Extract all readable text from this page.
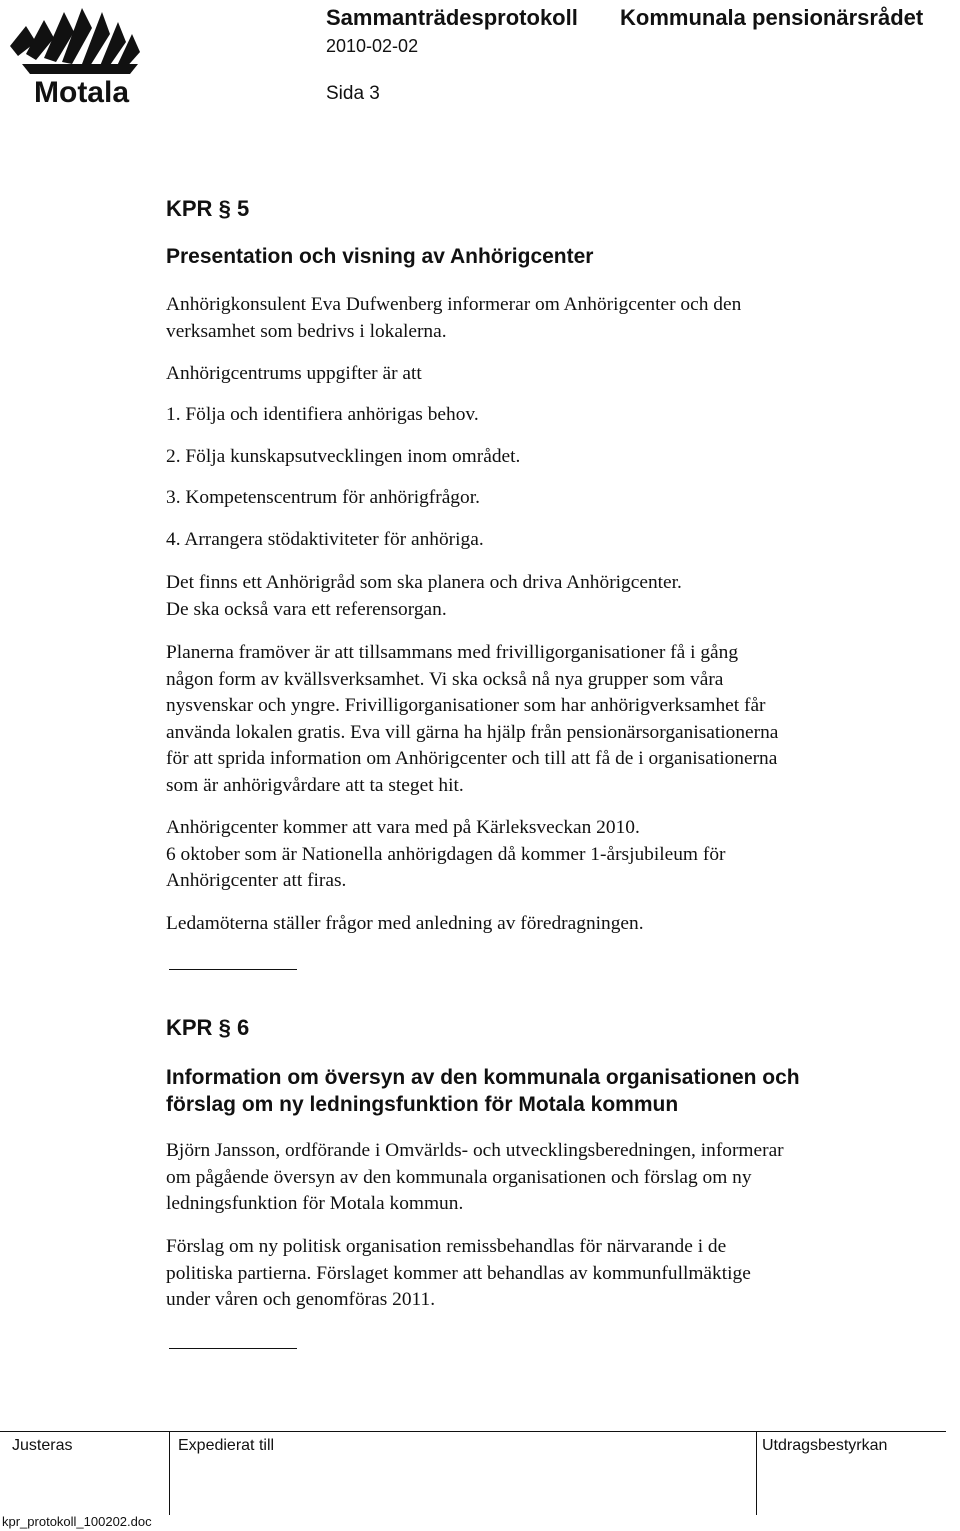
Motala
Sammanträdesprotokoll Kommunala pensionärsrådet
2010-02-02
Sida 3
KPR § 5
Presentation och visning av Anhörigcenter
Anhörigkonsulent Eva Dufwenberg informerar om Anhörigcenter och den
verksamhet som bedrivs i lokalerna.
Anhörigcentrums uppgifter är att
1. Följa och identifiera anhörigas behov.
2. Följa kunskapsutvecklingen inom området.
3. Kompetenscentrum för anhörigfrågor.
4. Arrangera stödaktiviteter för anhöriga.
Det finns ett Anhörigråd som ska planera och driva Anhörigcenter.
De ska också vara ett referensorgan.
Planerna framöver är att tillsammans med frivilligorganisationer få i gång
någon form av kvällsverksamhet. Vi ska också nå nya grupper som våra
nysvenskar och yngre. Frivilligorganisationer som har anhörigverksamhet får
använda lokalen gratis. Eva vill gärna ha hjälp från pensionärsorganisationerna
för att sprida information om Anhörigcenter och till att få de i organisationerna
som är anhörigvårdare att ta steget hit.
Anhörigcenter kommer att vara med på Kärleksveckan 2010.
6 oktober som är Nationella anhörigdagen då kommer 1-årsjubileum för
Anhörigcenter att firas.
Ledamöterna ställer frågor med anledning av föredragningen.
KPR § 6
Information om översyn av den kommunala organisationen och
förslag om ny ledningsfunktion för Motala kommun
Björn Jansson, ordförande i Omvärlds- och utvecklingsberedningen, informerar
om pågående översyn av den kommunala organisationen och förslag om ny
ledningsfunktion för Motala kommun.
Förslag om ny politisk organisation remissbehandlas för närvarande i de
politiska partierna. Förslaget kommer att behandlas av kommunfullmäktige
under våren och genomföras 2011.
Justeras	Expedierat till	Utdragsbestyrkan
kpr_protokoll_100202.doc
